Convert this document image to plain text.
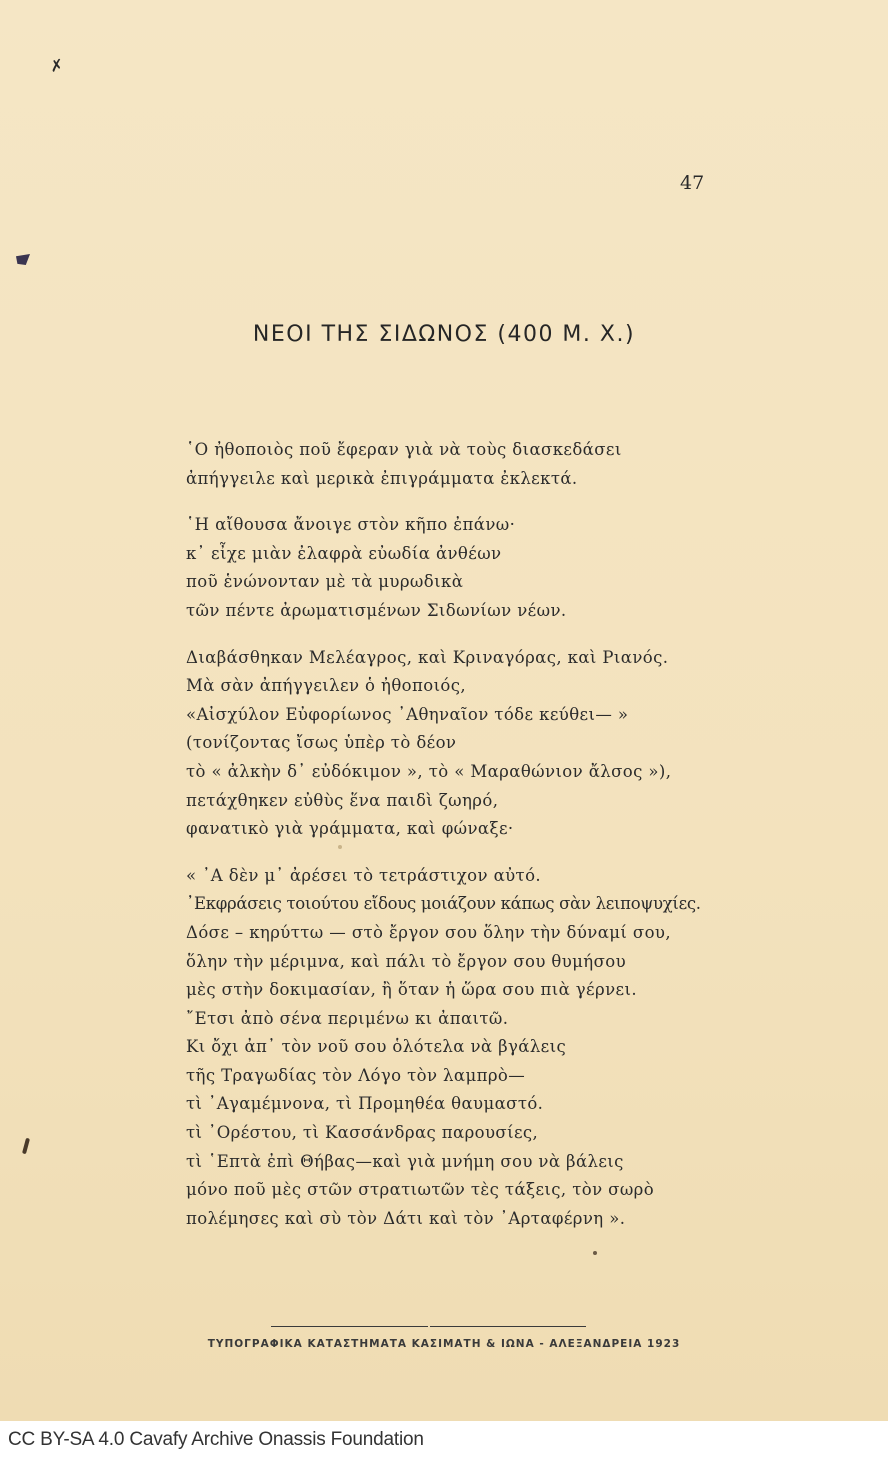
✗
47
ΝΕΟΙ ΤΗΣ ΣΙΔΩΝΟΣ (400 Μ. Χ.)
῾Ο ἠθοποιὸς ποῦ ἔφεραν γιὰ νὰ τοὺς διασκεδάσει
ἀπήγγειλε καὶ μερικὰ ἐπιγράμματα ἐκλεκτά.
῾Η αἴθουσα ἄνοιγε στὸν κῆπο ἐπάνω·
κ᾽ εἶχε μιὰν ἐλαφρὰ εὐωδία ἀνθέων
ποῦ ἑνώνονταν μὲ τὰ μυρωδικὰ
τῶν πέντε ἀρωματισμένων Σιδωνίων νέων.
Διαβάσθηκαν Μελέαγρος, καὶ Κριναγόρας, καὶ Ριανός.
Μὰ σὰν ἀπήγγειλεν ὁ ἠθοποιός,
«Αἰσχύλον Εὐφορίωνος ᾽Αθηναῖον τόδε κεύθει— »
(τονίζοντας ἴσως ὑπὲρ τὸ δέον
τὸ « ἀλκὴν δ᾽ εὐδόκιμον », τὸ « Μαραθώνιον ἄλσος »),
πετάχθηκεν εὐθὺς ἕνα παιδὶ ζωηρό,
φανατικὸ γιὰ γράμματα, καὶ φώναξε·
« ᾽Α δὲν μ᾽ ἀρέσει τὸ τετράστιχον αὐτό.
᾽Εκφράσεις τοιούτου εἴδους μοιάζουν κάπως σὰν λειποψυχίες.
Δόσε – κηρύττω — στὸ ἔργον σου ὅλην τὴν δύναμί σου,
ὅλην τὴν μέριμνα, καὶ πάλι τὸ ἔργον σου θυμήσου
μὲς στὴν δοκιμασίαν, ἢ ὅταν ἡ ὥρα σου πιὰ γέρνει.
῎Ετσι ἀπὸ σένα περιμένω κι ἀπαιτῶ.
Κι ὄχι ἀπ᾽ τὸν νοῦ σου ὁλότελα νὰ βγάλεις
τῆς Τραγωδίας τὸν Λόγο τὸν λαμπρὸ—
τὶ ᾽Αγαμέμνονα, τὶ Προμηθέα θαυμαστό.
τὶ ᾽Ορέστου, τὶ Κασσάνδρας παρουσίες,
τὶ ῾Επτὰ ἐπὶ Θήβας—καὶ γιὰ μνήμη σου νὰ βάλεις
μόνο ποῦ μὲς στῶν στρατιωτῶν τὲς τάξεις, τὸν σωρὸ
πολέμησες καὶ σὺ τὸν Δάτι καὶ τὸν ᾽Αρταφέρνη ».
ΤΥΠΟΓΡΑΦΙΚΑ ΚΑΤΑΣΤΗΜΑΤΑ ΚΑΣΙΜΑΤΗ & ΙΩΝΑ - ΑΛΕΞΑΝΔΡΕΙΑ 1923
CC BY-SA 4.0 Cavafy Archive Onassis Foundation
